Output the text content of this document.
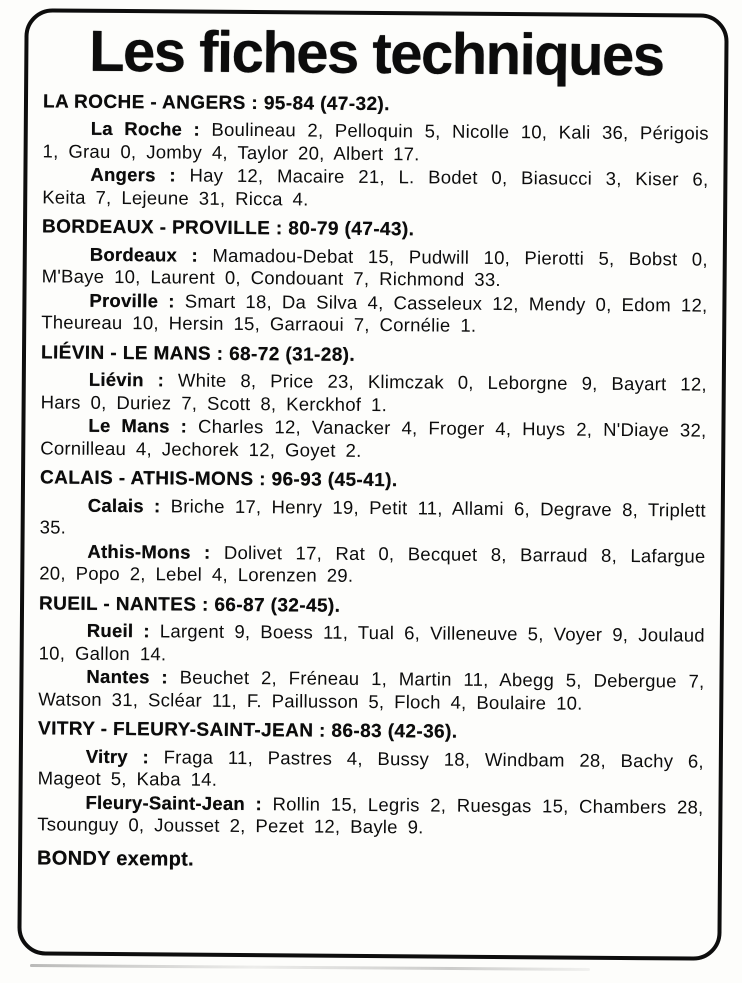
Les fiches techniques
LA ROCHE - ANGERS : 95-84 (47-32).

La Roche : Boulineau 2, Pelloquin 5, Nicolle 10, Kali 36, Périgois 1, Grau 0, Jomby 4, Taylor 20, Albert 17.

Angers : Hay 12, Macaire 21, L. Bodet 0, Biasucci 3, Kiser 6, Keita 7, Lejeune 31, Ricca 4.

BORDEAUX - PROVILLE : 80-79 (47-43).

Bordeaux : Mamadou-Debat 15, Pudwill 10, Pierotti 5, Bobst 0, M'Baye 10, Laurent 0, Condouant 7, Richmond 33.

Proville : Smart 18, Da Silva 4, Casseleux 12, Mendy 0, Edom 12, Theureau 10, Hersin 15, Garraoui 7, Cornélie 1.

LIÉVIN - LE MANS : 68-72 (31-28).

Liévin : White 8, Price 23, Klimczak 0, Leborgne 9, Bayart 12, Hars 0, Duriez 7, Scott 8, Kerckhof 1.

Le Mans : Charles 12, Vanacker 4, Froger 4, Huys 2, N'Diaye 32, Cornilleau 4, Jechorek 12, Goyet 2.

CALAIS - ATHIS-MONS : 96-93 (45-41).

Calais : Briche 17, Henry 19, Petit 11, Allami 6, Degrave 8, Triplett 35.

Athis-Mons : Dolivet 17, Rat 0, Becquet 8, Barraud 8, Lafargue 20, Popo 2, Lebel 4, Lorenzen 29.

RUEIL - NANTES : 66-87 (32-45).

Rueil : Largent 9, Boess 11, Tual 6, Villeneuve 5, Voyer 9, Joulaud 10, Gallon 14.

Nantes : Beuchet 2, Fréneau 1, Martin 11, Abegg 5, Debergue 7, Watson 31, Scléar 11, F. Paillusson 5, Floch 4, Boulaire 10.

VITRY - FLEURY-SAINT-JEAN : 86-83 (42-36).

Vitry : Fraga 11, Pastres 4, Bussy 18, Windbam 28, Bachy 6, Mageot 5, Kaba 14.

Fleury-Saint-Jean : Rollin 15, Legris 2, Ruesgas 15, Chambers 28, Tsounguy 0, Jousset 2, Pezet 12, Bayle 9.

BONDY exempt.
